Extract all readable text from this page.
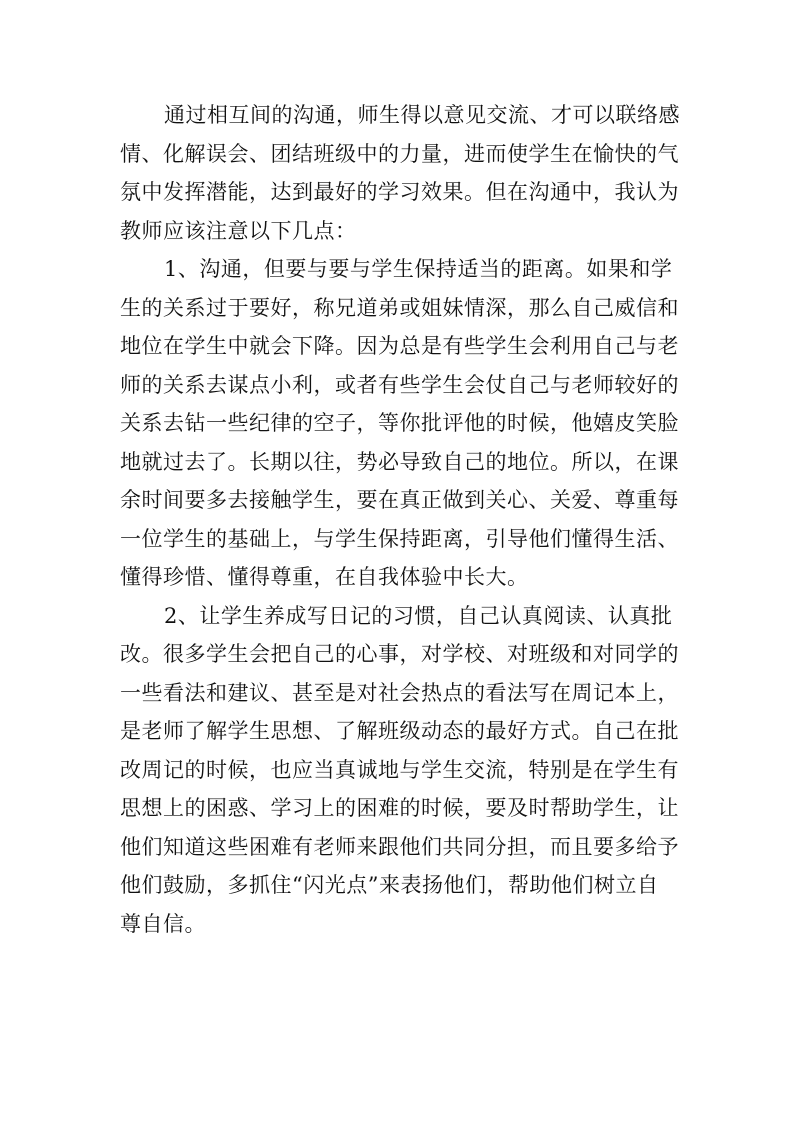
通过相互间的沟通，师生得以意见交流、才可以联络感
情、化解误会、团结班级中的力量，进而使学生在愉快的气
氛中发挥潜能，达到最好的学习效果。但在沟通中，我认为
教师应该注意以下几点：
1、沟通，但要与要与学生保持适当的距离。如果和学
生的关系过于要好，称兄道弟或姐妹情深，那么自己威信和
地位在学生中就会下降。因为总是有些学生会利用自己与老
师的关系去谋点小利，或者有些学生会仗自己与老师较好的
关系去钻一些纪律的空子，等你批评他的时候，他嬉皮笑脸
地就过去了。长期以往，势必导致自己的地位。所以，在课
余时间要多去接触学生，要在真正做到关心、关爱、尊重每
一位学生的基础上，与学生保持距离，引导他们懂得生活、
懂得珍惜、懂得尊重，在自我体验中长大。
2、让学生养成写日记的习惯，自己认真阅读、认真批
改。很多学生会把自己的心事，对学校、对班级和对同学的
一些看法和建议、甚至是对社会热点的看法写在周记本上，
是老师了解学生思想、了解班级动态的最好方式。自己在批
改周记的时候，也应当真诚地与学生交流，特别是在学生有
思想上的困惑、学习上的困难的时候，要及时帮助学生，让
他们知道这些困难有老师来跟他们共同分担，而且要多给予
他们鼓励，多抓住“闪光点”来表扬他们，帮助他们树立自
尊自信。
